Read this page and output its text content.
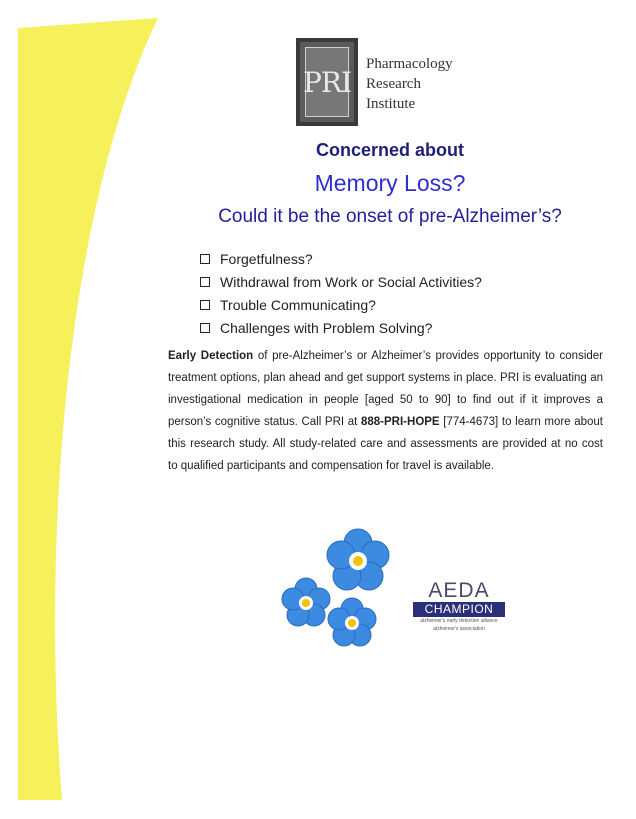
PRI
Pharmacology
Research
Institute
Concerned about
Memory Loss?
Could it be the onset of pre-Alzheimer’s?
Forgetfulness?
Withdrawal from Work or Social Activities?
Trouble Communicating?
Challenges with Problem Solving?
Early Detection of pre-Alzheimer’s or Alzheimer’s provides opportunity to consider treatment options, plan ahead and get support systems in place. PRI is evaluating an investigational medication in people [aged 50 to 90] to find out if it improves a person’s cognitive status. Call PRI at 888-PRI-HOPE [774-4673] to learn more about this research study. All study-related care and assessments are provided at no cost to qualified participants and compensation for travel is available.
AEDA
CHAMPION
alzheimer's early detection alliance
alzheimer's association
